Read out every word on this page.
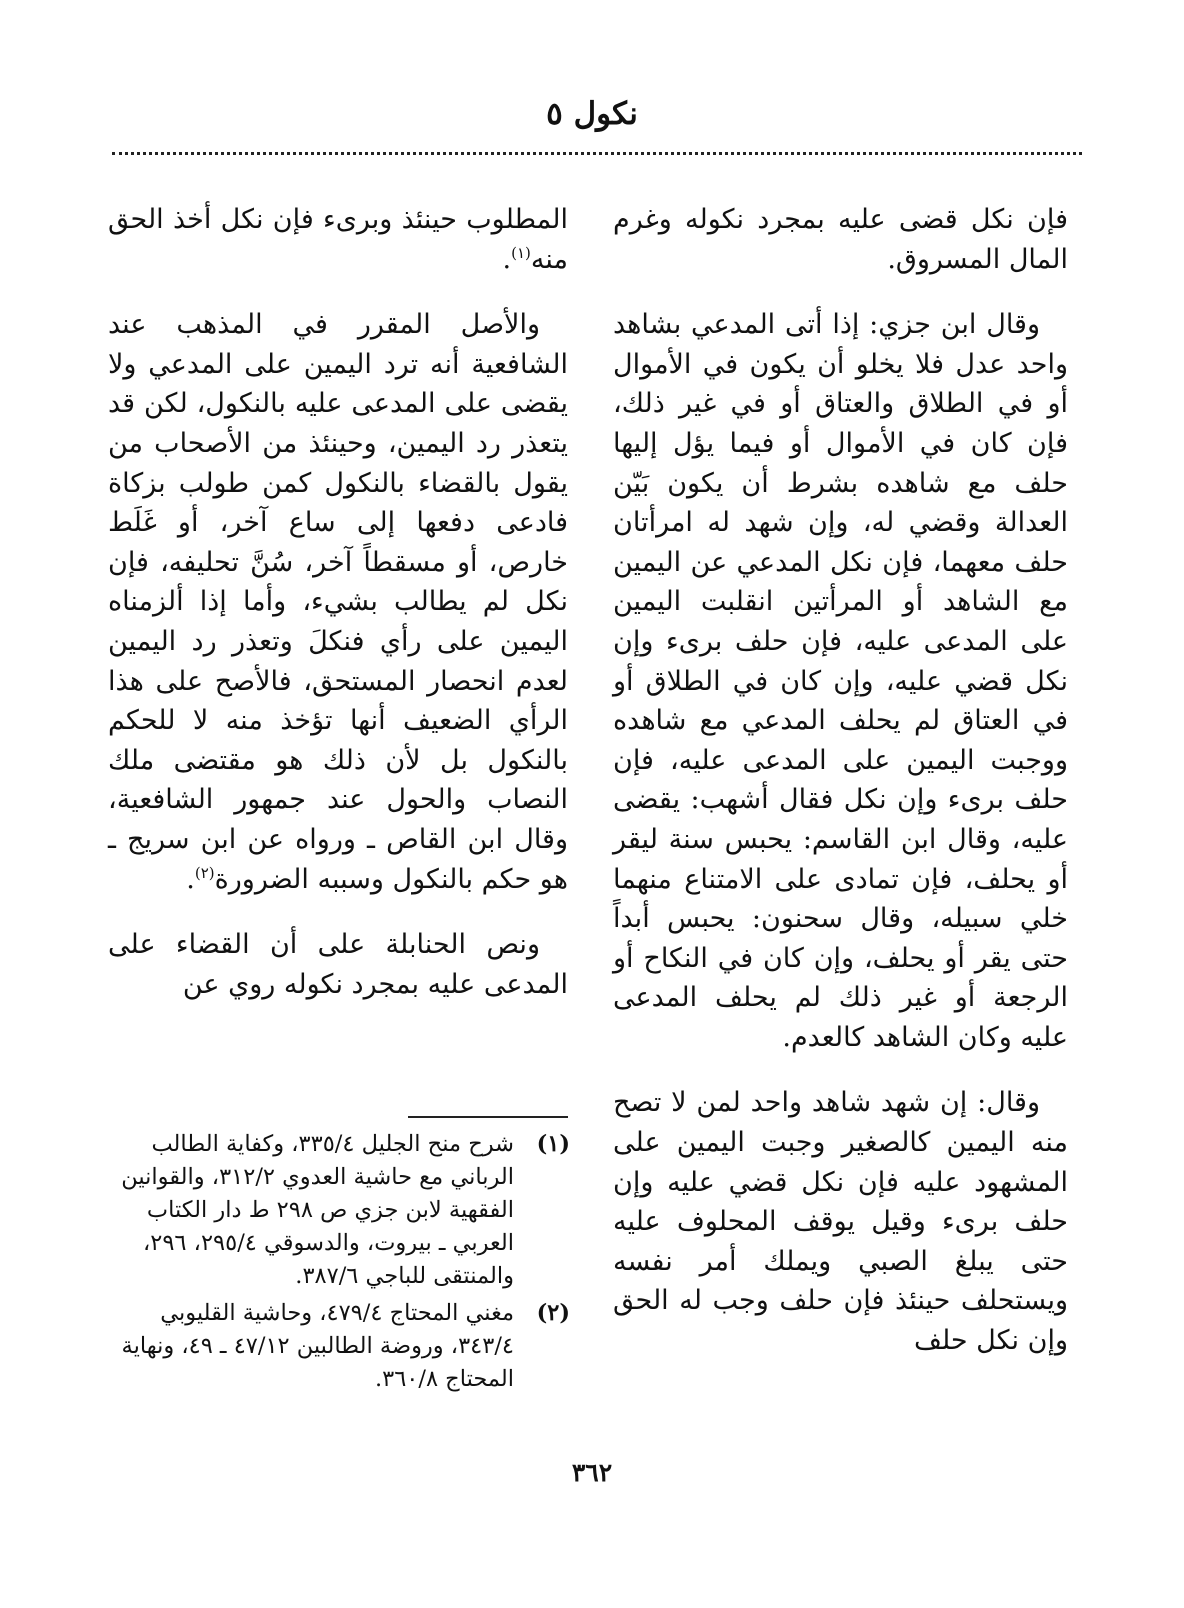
نكول ٥

فإن نكل قضى عليه بمجرد نكوله وغرم المال المسروق.

وقال ابن جزي: إذا أتى المدعي بشاهد واحد عدل فلا يخلو أن يكون في الأموال أو في الطلاق والعتاق أو في غير ذلك، فإن كان في الأموال أو فيما يؤل إليها حلف مع شاهده بشرط أن يكون بَيّن العدالة وقضي له، وإن شهد له امرأتان حلف معهما، فإن نكل المدعي عن اليمين مع الشاهد أو المرأتين انقلبت اليمين على المدعى عليه، فإن حلف برىء وإن نكل قضي عليه، وإن كان في الطلاق أو في العتاق لم يحلف المدعي مع شاهده ووجبت اليمين على المدعى عليه، فإن حلف برىء وإن نكل فقال أشهب: يقضى عليه، وقال ابن القاسم: يحبس سنة ليقر أو يحلف، فإن تمادى على الامتناع منهما خلي سبيله، وقال سحنون: يحبس أبداً حتى يقر أو يحلف، وإن كان في النكاح أو الرجعة أو غير ذلك لم يحلف المدعى عليه وكان الشاهد كالعدم.

وقال: إن شهد شاهد واحد لمن لا تصح منه اليمين كالصغير وجبت اليمين على المشهود عليه فإن نكل قضي عليه وإن حلف برىء وقيل يوقف المحلوف عليه حتى يبلغ الصبي ويملك أمر نفسه ويستحلف حينئذ فإن حلف وجب له الحق وإن نكل حلف

المطلوب حينئذ وبرىء فإن نكل أخذ الحق منه$^{(١)}$.

والأصل المقرر في المذهب عند الشافعية أنه ترد اليمين على المدعي ولا يقضى على المدعى عليه بالنكول، لكن قد يتعذر رد اليمين، وحينئذ من الأصحاب من يقول بالقضاء بالنكول كمن طولب بزكاة فادعى دفعها إلى ساع آخر، أو غَلَط خارص، أو مسقطاً آخر، سُنَّ تحليفه، فإن نكل لم يطالب بشيء، وأما إذا ألزمناه اليمين على رأي فنكلَ وتعذر رد اليمين لعدم انحصار المستحق، فالأصح على هذا الرأي الضعيف أنها تؤخذ منه لا للحكم بالنكول بل لأن ذلك هو مقتضى ملك النصاب والحول عند جمهور الشافعية، وقال ابن القاص ـ ورواه عن ابن سريج ـ هو حكم بالنكول وسببه الضرورة$^{(٢)}$.

ونص الحنابلة على أن القضاء على المدعى عليه بمجرد نكوله روي عن

(١)
شرح منح الجليل ٣٣٥/٤، وكفاية الطالب الرباني مع حاشية العدوي ٣١٢/٢، والقوانين الفقهية لابن جزي ص ٢٩٨ ط دار الكتاب العربي ـ بيروت، والدسوقي ٢٩٥/٤، ٢٩٦، والمنتقى للباجي ٣٨٧/٦.
(٢)
مغني المحتاج ٤٧٩/٤، وحاشية القليوبي ٣٤٣/٤، وروضة الطالبين ٤٧/١٢ ـ ٤٩، ونهاية المحتاج ٣٦٠/٨.
٣٦٢
